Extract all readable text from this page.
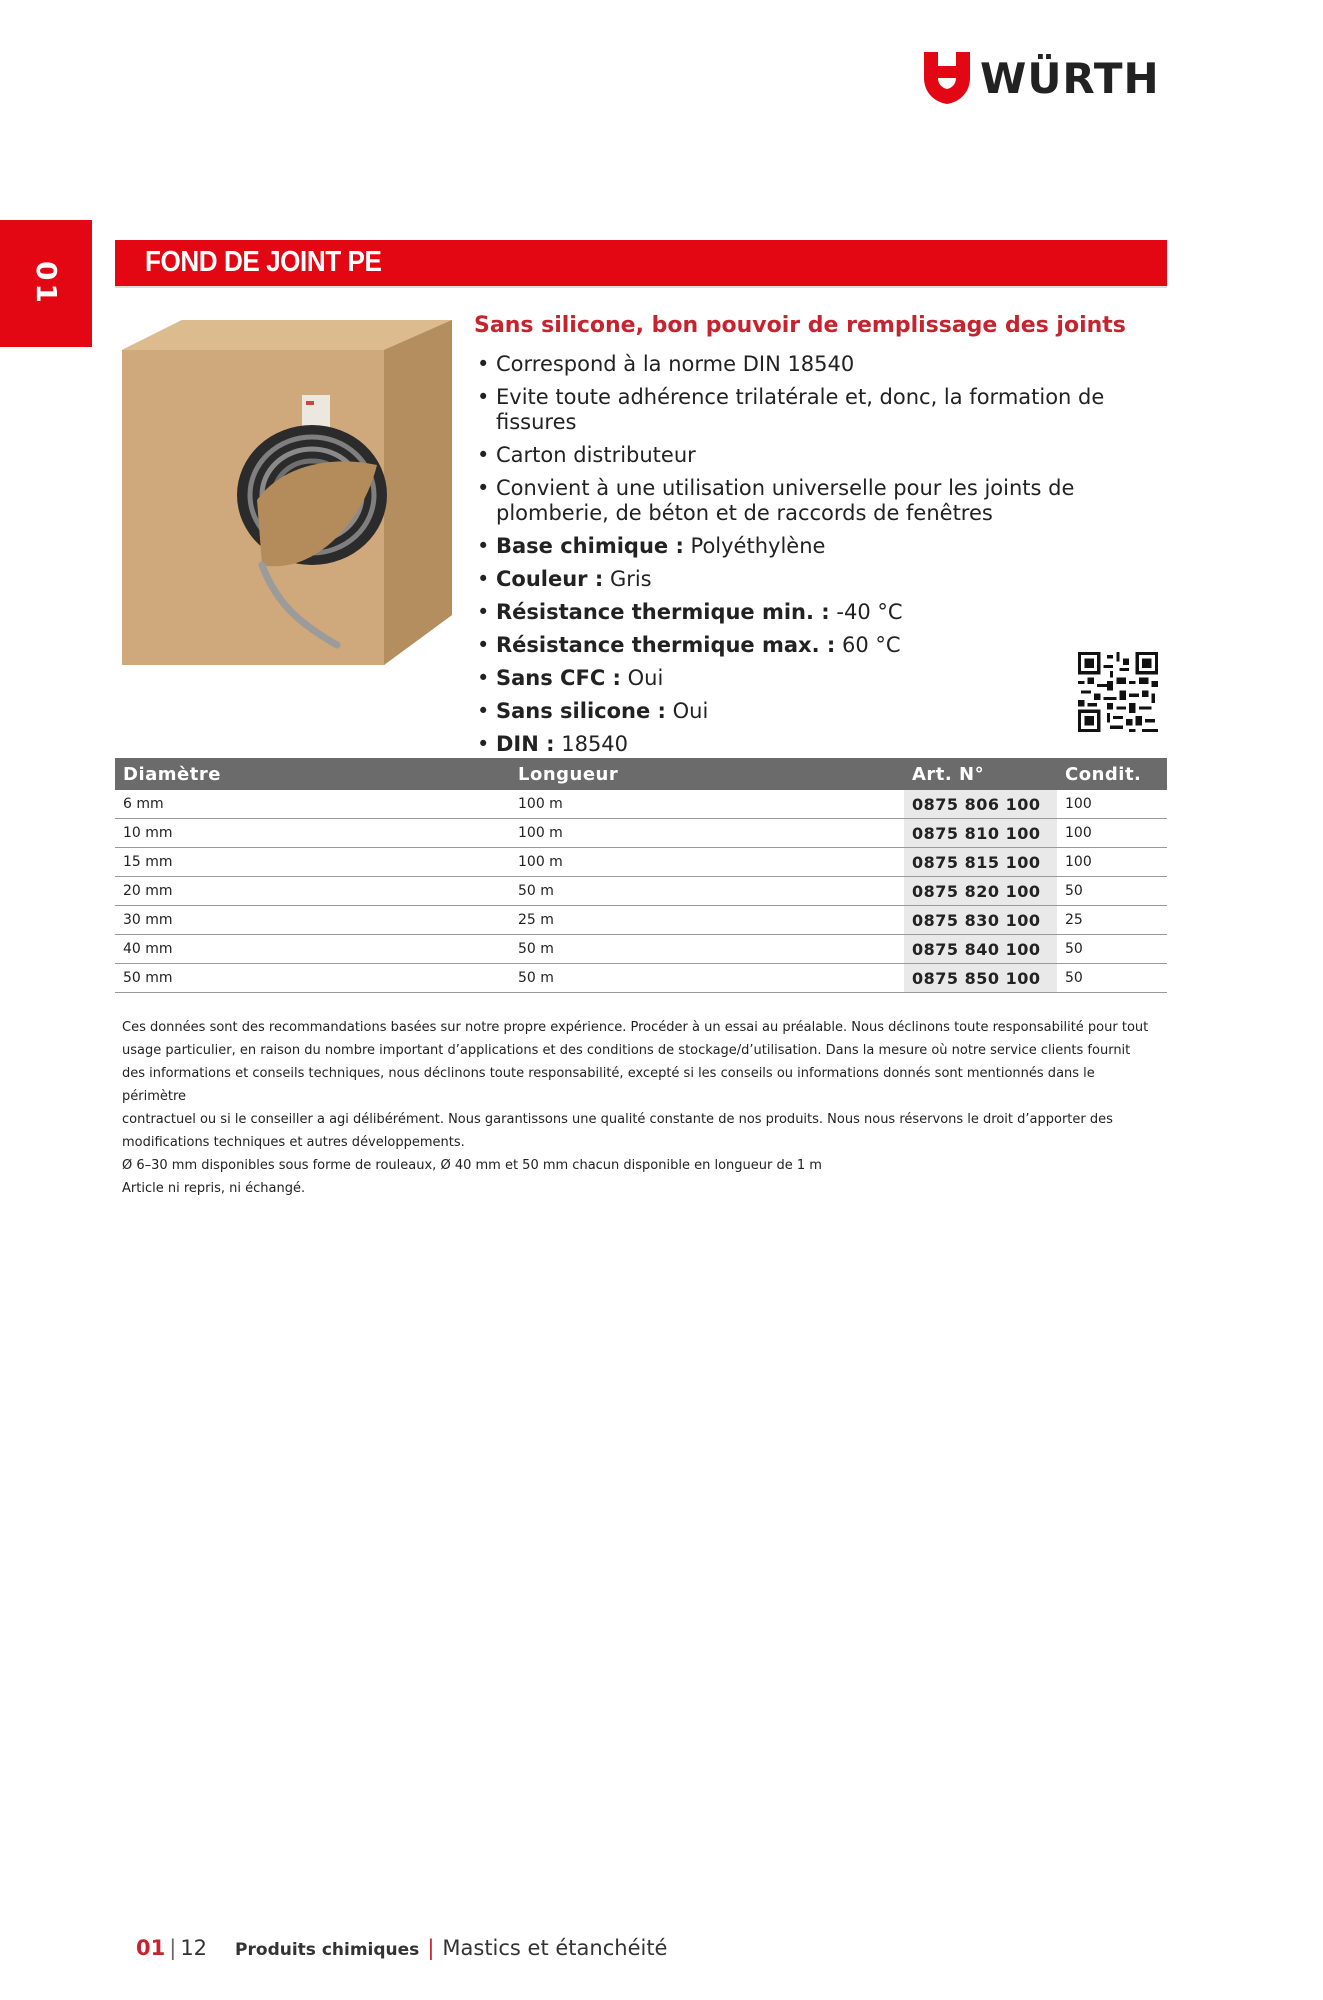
WÜRTH
01	FOND DE JOINT PE
Sans silicone, bon pouvoir de remplissage des joints
• Correspond à la norme DIN 18540
• Evite toute adhérence trilatérale et, donc, la formation de fissures
• Carton distributeur
• Convient à une utilisation universelle pour les joints de plomberie, de béton et de raccords de fenêtres
• Base chimique : Polyéthylène
• Couleur : Gris
• Résistance thermique min. : -40 °C
• Résistance thermique max. : 60 °C
• Sans CFC : Oui
• Sans silicone : Oui
• DIN : 18540
Diamètre	Longueur	Art. N°	Condit.
6 mm	100 m	0875 806 100	100
10 mm	100 m	0875 810 100	100
15 mm	100 m	0875 815 100	100
20 mm	50 m	0875 820 100	50
30 mm	25 m	0875 830 100	25
40 mm	50 m	0875 840 100	50
50 mm	50 m	0875 850 100	50

Ces données sont des recommandations basées sur notre propre expérience. Procéder à un essai au préalable. Nous déclinons toute responsabilité pour tout

usage particulier, en raison du nombre important d’applications et des conditions de stockage/d’utilisation. Dans la mesure où notre service clients fournit

des informations et conseils techniques, nous déclinons toute responsabilité, excepté si les conseils ou informations donnés sont mentionnés dans le périmètre

contractuel ou si le conseiller a agi délibérément. Nous garantissons une qualité constante de nos produits. Nous nous réservons le droit d’apporter des

modifications techniques et autres développements.

Ø 6–30 mm disponibles sous forme de rouleaux, Ø 40 mm et 50 mm chacun disponible en longueur de 1 m

Article ni repris, ni échangé.

01 | 12 Produits chimiques | Mastics et étanchéité
